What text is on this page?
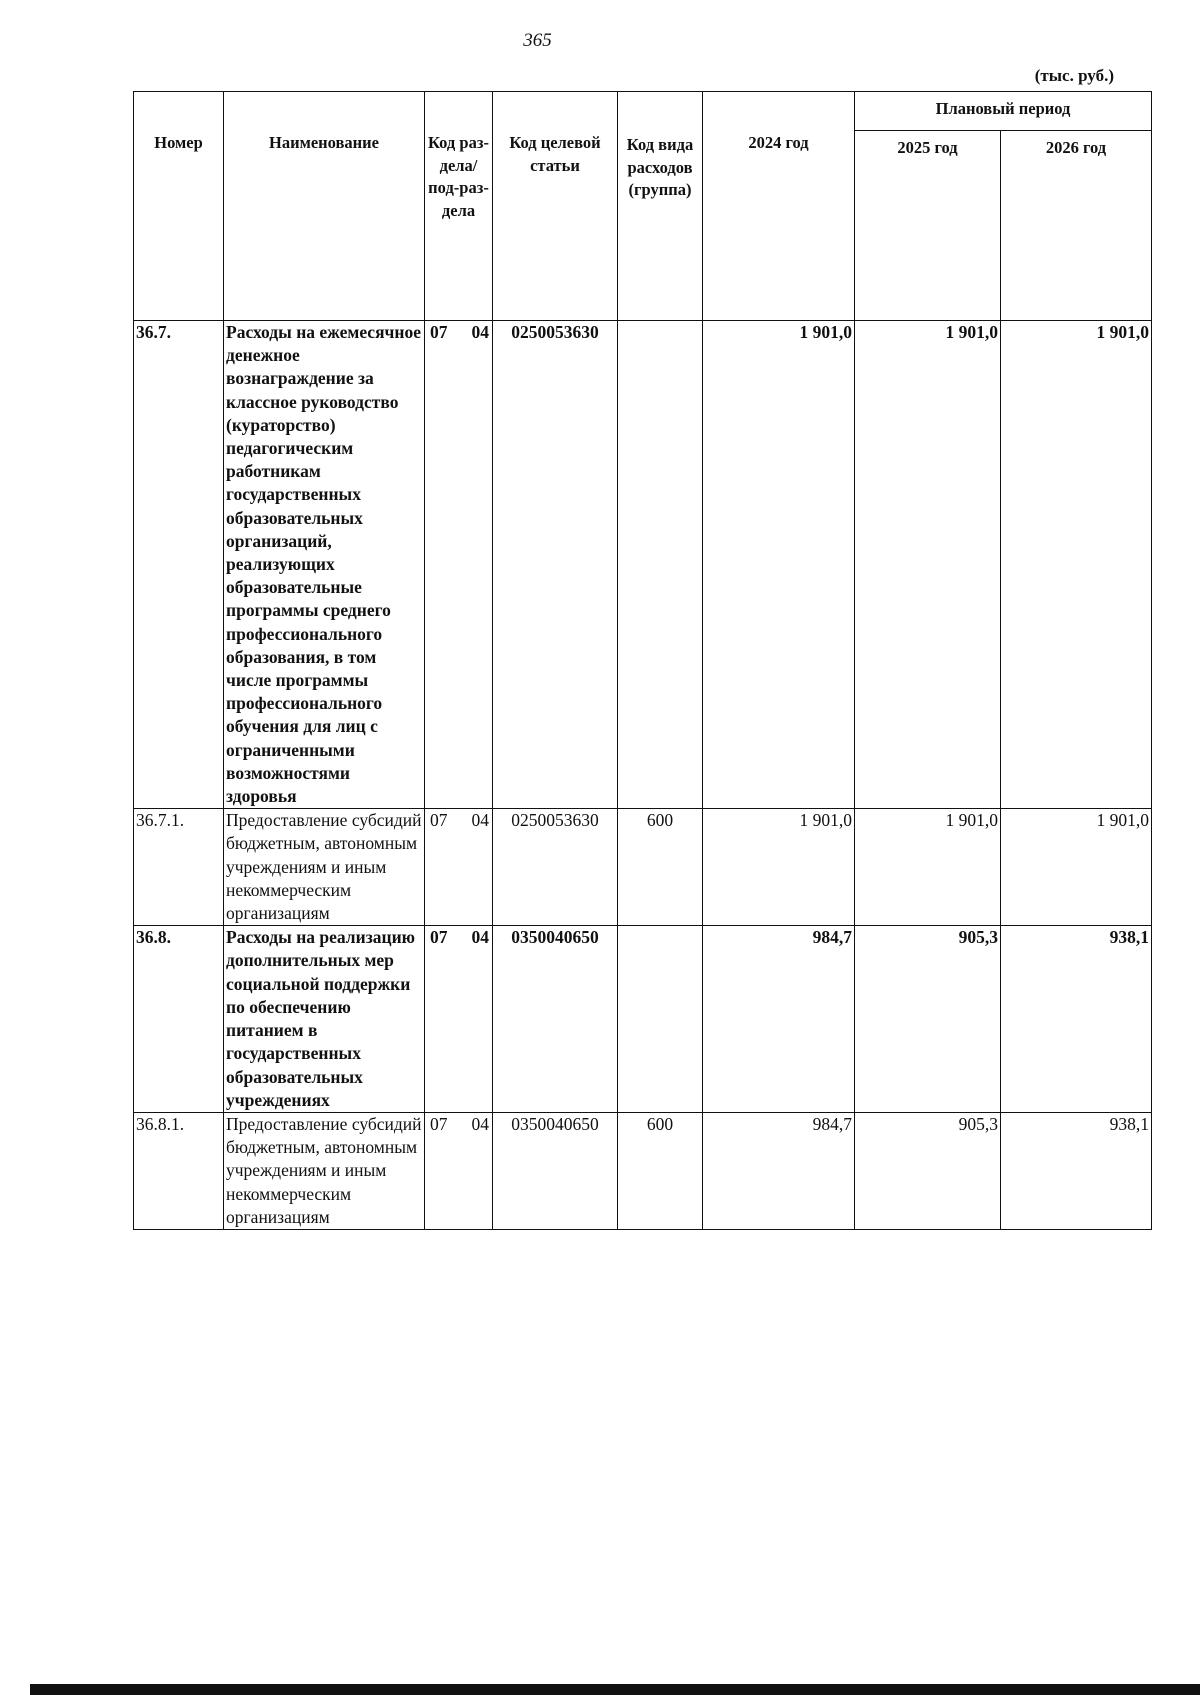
365
(тыс. руб.)
Номер	Наименование	Код раз-дела/ под-раз-дела	Код целевой статьи	Код вида расходов (группа)	2024 год	Плановый период	
						2025 год	2026 год
36.7.	Расходы на ежемесячное денежное вознаграждение за классное руководство (кураторство) педагогическим работникам государственных образовательных организаций, реализующих образовательные программы среднего профессионального образования, в том числе программы профессионального обучения для лиц с ограниченными возможностями здоровья	07 04	0250053630		1 901,0	1 901,0	1 901,0
36.7.1.	Предоставление субсидий бюджетным, автономным учреждениям и иным некоммерческим организациям	07 04	0250053630	600	1 901,0	1 901,0	1 901,0
36.8.	Расходы на реализацию дополнительных мер социальной поддержки по обеспечению питанием в государственных образовательных учреждениях	07 04	0350040650		984,7	905,3	938,1
36.8.1.	Предоставление субсидий бюджетным, автономным учреждениям и иным некоммерческим организациям	07 04	0350040650	600	984,7	905,3	938,1
